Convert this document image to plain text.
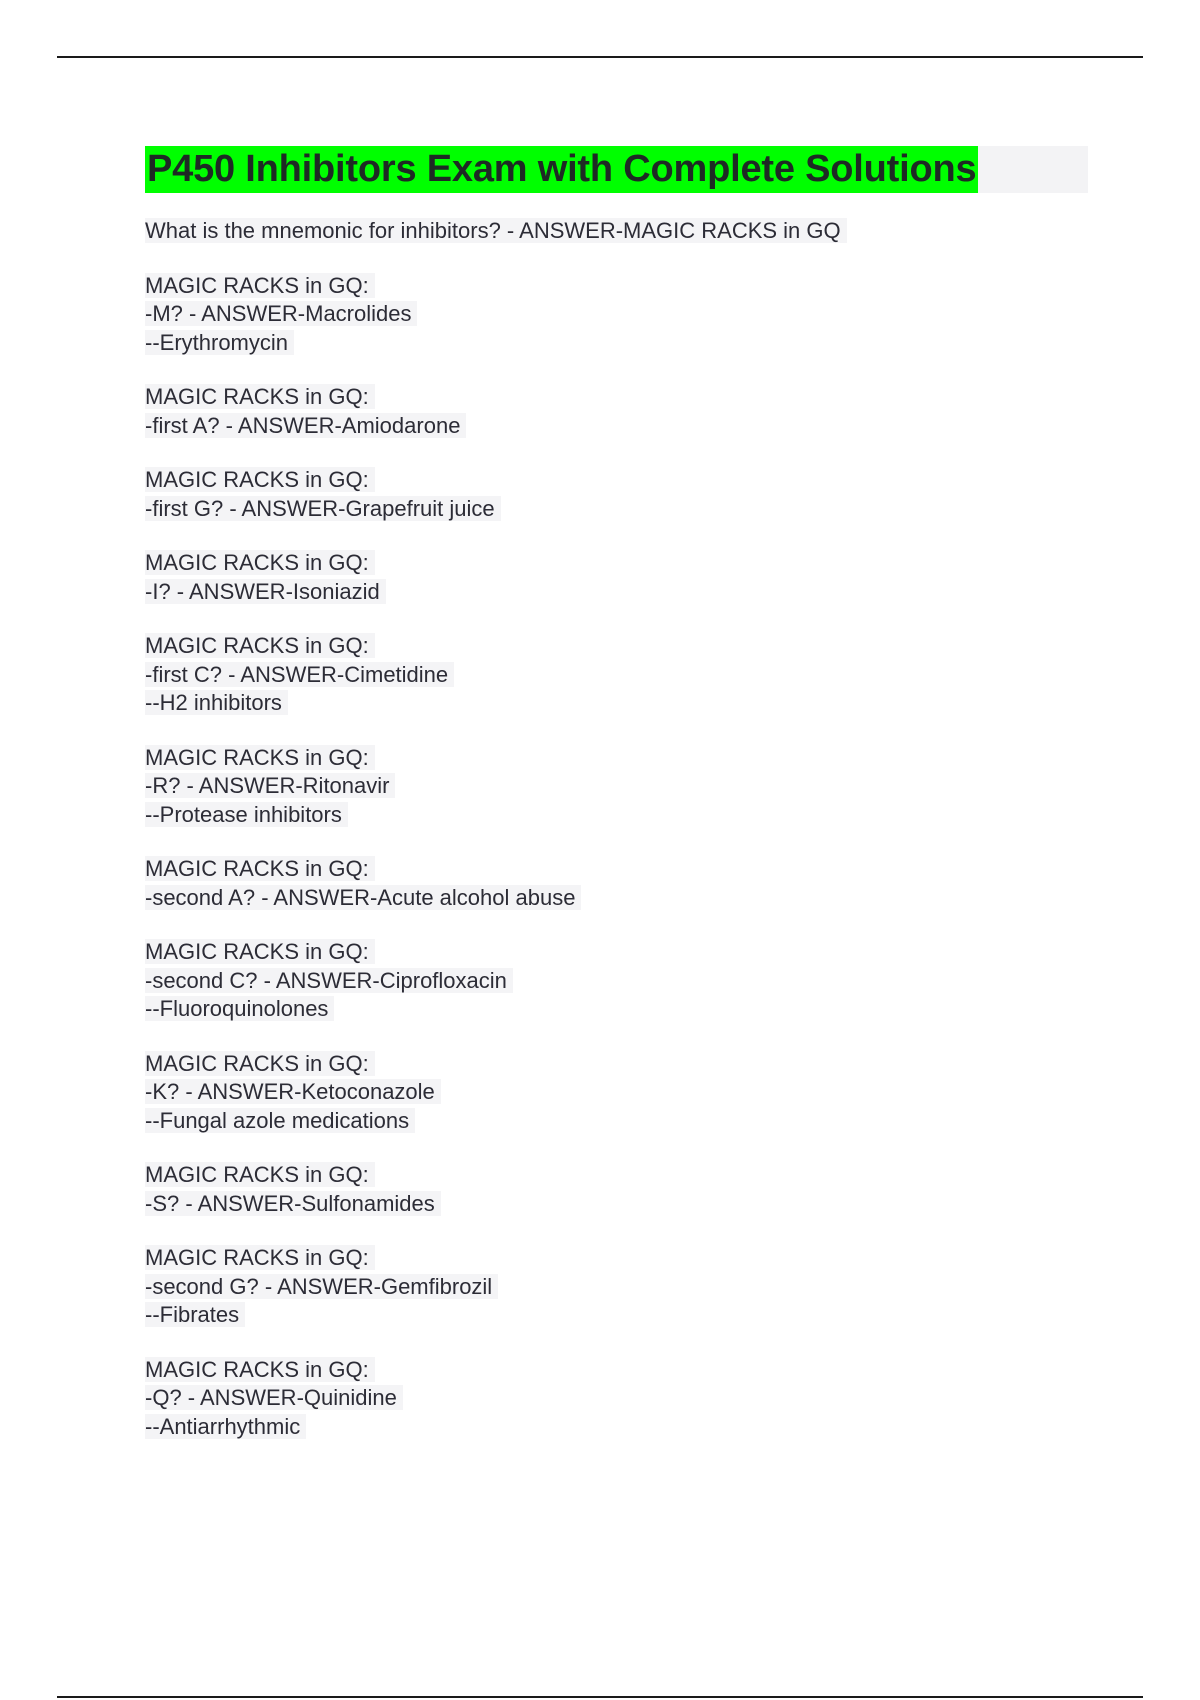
P450 Inhibitors Exam with Complete Solutions
What is the mnemonic for inhibitors? - ANSWER-MAGIC RACKS in GQ
MAGIC RACKS in GQ:
-M? - ANSWER-Macrolides
--Erythromycin
MAGIC RACKS in GQ:
-first A? - ANSWER-Amiodarone
MAGIC RACKS in GQ:
-first G? - ANSWER-Grapefruit juice
MAGIC RACKS in GQ:
-I? - ANSWER-Isoniazid
MAGIC RACKS in GQ:
-first C? - ANSWER-Cimetidine
--H2 inhibitors
MAGIC RACKS in GQ:
-R? - ANSWER-Ritonavir
--Protease inhibitors
MAGIC RACKS in GQ:
-second A? - ANSWER-Acute alcohol abuse
MAGIC RACKS in GQ:
-second C? - ANSWER-Ciprofloxacin
--Fluoroquinolones
MAGIC RACKS in GQ:
-K? - ANSWER-Ketoconazole
--Fungal azole medications
MAGIC RACKS in GQ:
-S? - ANSWER-Sulfonamides
MAGIC RACKS in GQ:
-second G? - ANSWER-Gemfibrozil
--Fibrates
MAGIC RACKS in GQ:
-Q? - ANSWER-Quinidine
--Antiarrhythmic
